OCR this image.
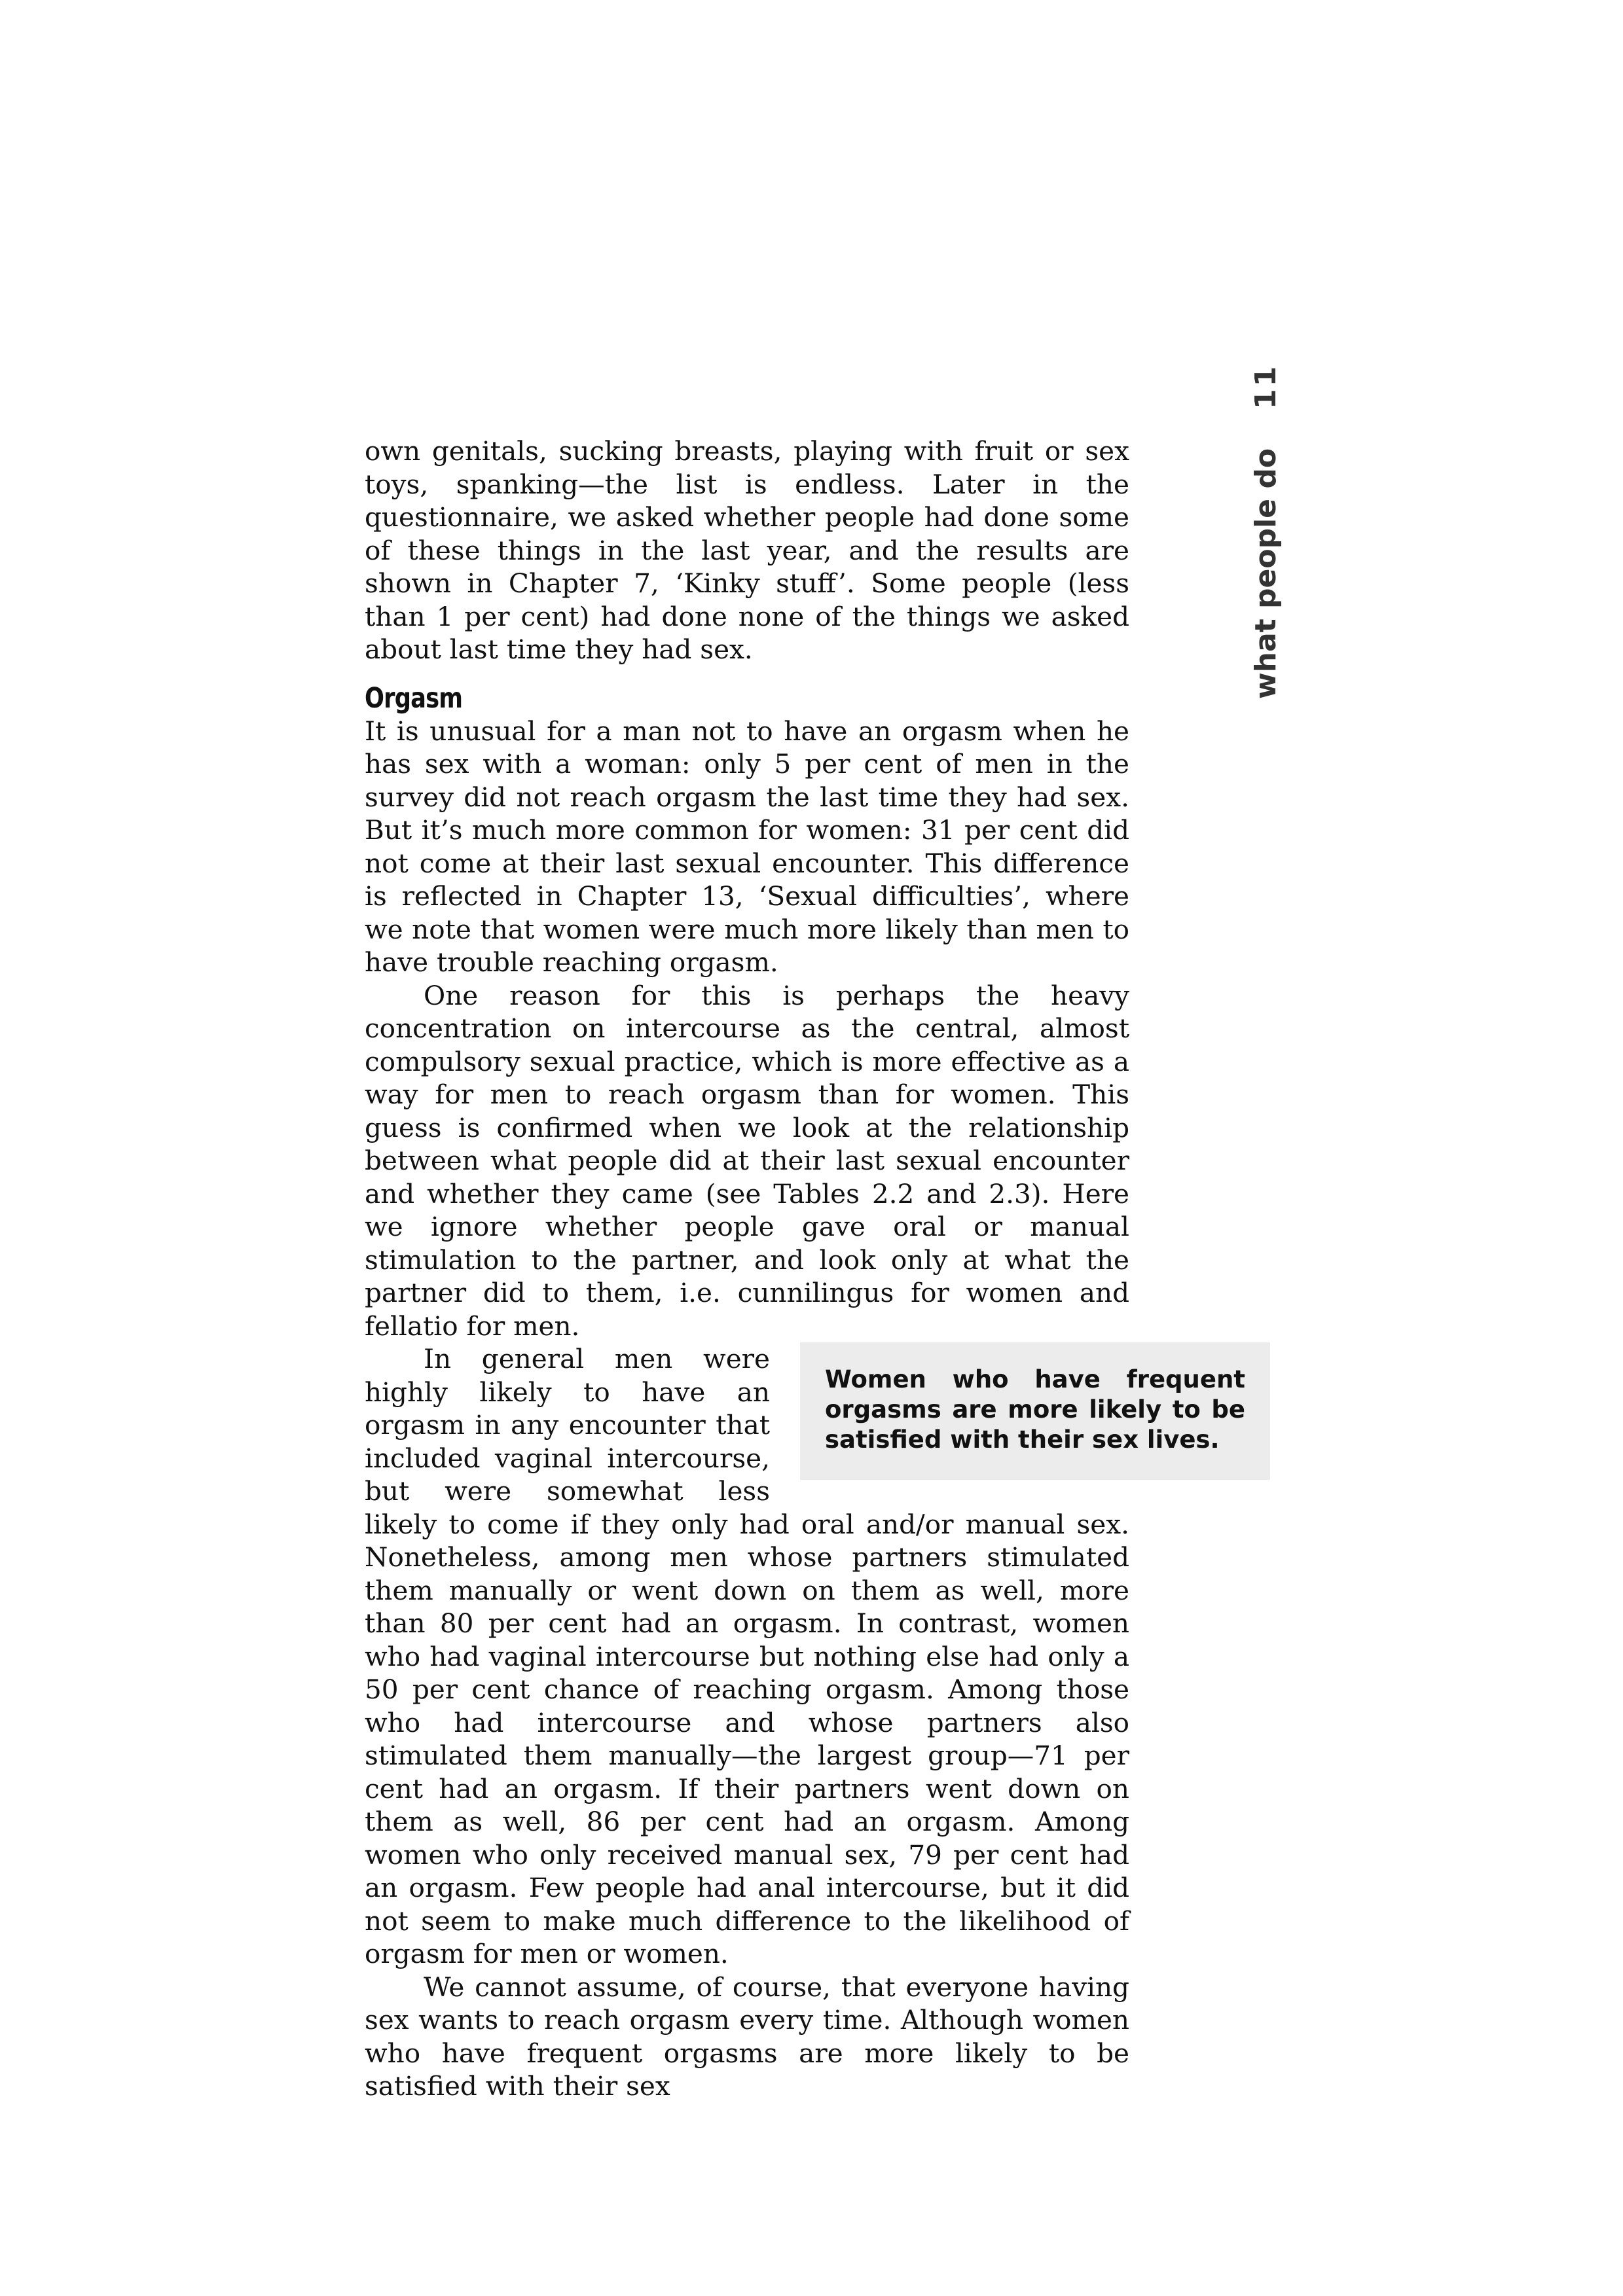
what people do11

own genitals, sucking breasts, playing with fruit or sex toys, spanking—the list is endless. Later in the questionnaire, we asked whether people had done some of these things in the last year, and the results are shown in Chapter 7, ‘Kinky stuff’. Some people (less than 1 per cent) had done none of the things we asked about last time they had sex.

Orgasm

It is unusual for a man not to have an orgasm when he has sex with a woman: only 5 per cent of men in the survey did not reach orgasm the last time they had sex. But it’s much more common for women: 31 per cent did not come at their last sexual encounter. This difference is reflected in Chapter 13, ‘Sexual difficulties’, where we note that women were much more likely than men to have trouble reaching orgasm.

One reason for this is perhaps the heavy concentration on intercourse as the central, almost compulsory sexual practice, which is more effective as a way for men to reach orgasm than for women. This guess is confirmed when we look at the relationship between what people did at their last sexual encounter and whether they came (see Tables 2.2 and 2.3). Here we ignore whether people gave oral or manual stimulation to the partner, and look only at what the partner did to them, i.e. cunnilingus for women and fellatio for men.

Women who have frequent orgasms are more likely to be satisfied with their sex lives.

In general men were highly likely to have an orgasm in any encounter that included vaginal intercourse, but were somewhat less likely to come if they only had oral and/or manual sex. Nonetheless, among men whose partners stimulated them manually or went down on them as well, more than 80 per cent had an orgasm. In contrast, women who had vaginal intercourse but nothing else had only a 50 per cent chance of reaching orgasm. Among those who had intercourse and whose partners also stimulated them manually—the largest group—71 per cent had an orgasm. If their partners went down on them as well, 86 per cent had an orgasm. Among women who only received manual sex, 79 per cent had an orgasm. Few people had anal intercourse, but it did not seem to make much difference to the likelihood of orgasm for men or women.

We cannot assume, of course, that everyone having sex wants to reach orgasm every time. Although women who have frequent orgasms are more likely to be satisfied with their sex
